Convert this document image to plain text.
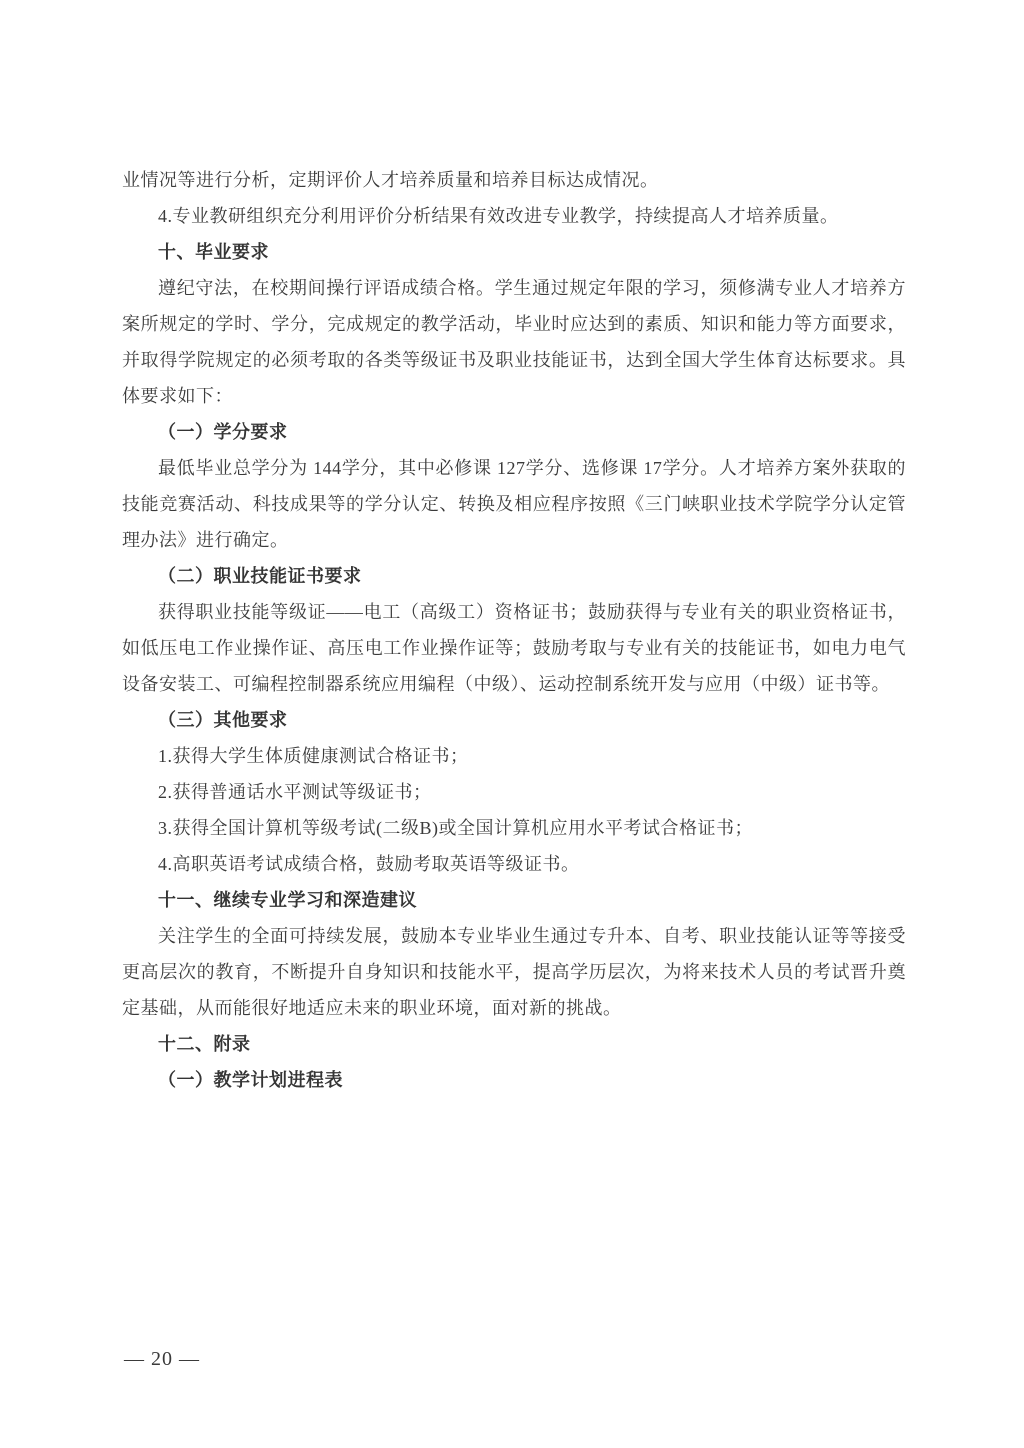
业情况等进行分析，定期评价人才培养质量和培养目标达成情况。

4.专业教研组织充分利用评价分析结果有效改进专业教学，持续提高人才培养质量。

十、毕业要求

遵纪守法，在校期间操行评语成绩合格。学生通过规定年限的学习，须修满专业人才培养方案所规定的学时、学分，完成规定的教学活动，毕业时应达到的素质、知识和能力等方面要求，并取得学院规定的必须考取的各类等级证书及职业技能证书，达到全国大学生体育达标要求。具体要求如下：

（一）学分要求

最低毕业总学分为 144学分，其中必修课 127学分、选修课 17学分。人才培养方案外获取的技能竞赛活动、科技成果等的学分认定、转换及相应程序按照《三门峡职业技术学院学分认定管理办法》进行确定。

（二）职业技能证书要求

获得职业技能等级证——电工（高级工）资格证书；鼓励获得与专业有关的职业资格证书，如低压电工作业操作证、高压电工作业操作证等；鼓励考取与专业有关的技能证书，如电力电气设备安装工、可编程控制器系统应用编程（中级）、运动控制系统开发与应用（中级）证书等。

（三）其他要求

1.获得大学生体质健康测试合格证书；

2.获得普通话水平测试等级证书；

3.获得全国计算机等级考试(二级B)或全国计算机应用水平考试合格证书；

4.高职英语考试成绩合格，鼓励考取英语等级证书。

十一、继续专业学习和深造建议

关注学生的全面可持续发展，鼓励本专业毕业生通过专升本、自考、职业技能认证等等接受更高层次的教育，不断提升自身知识和技能水平，提高学历层次，为将来技术人员的考试晋升奠定基础，从而能很好地适应未来的职业环境，面对新的挑战。

十二、附录

（一）教学计划进程表

— 20 —
